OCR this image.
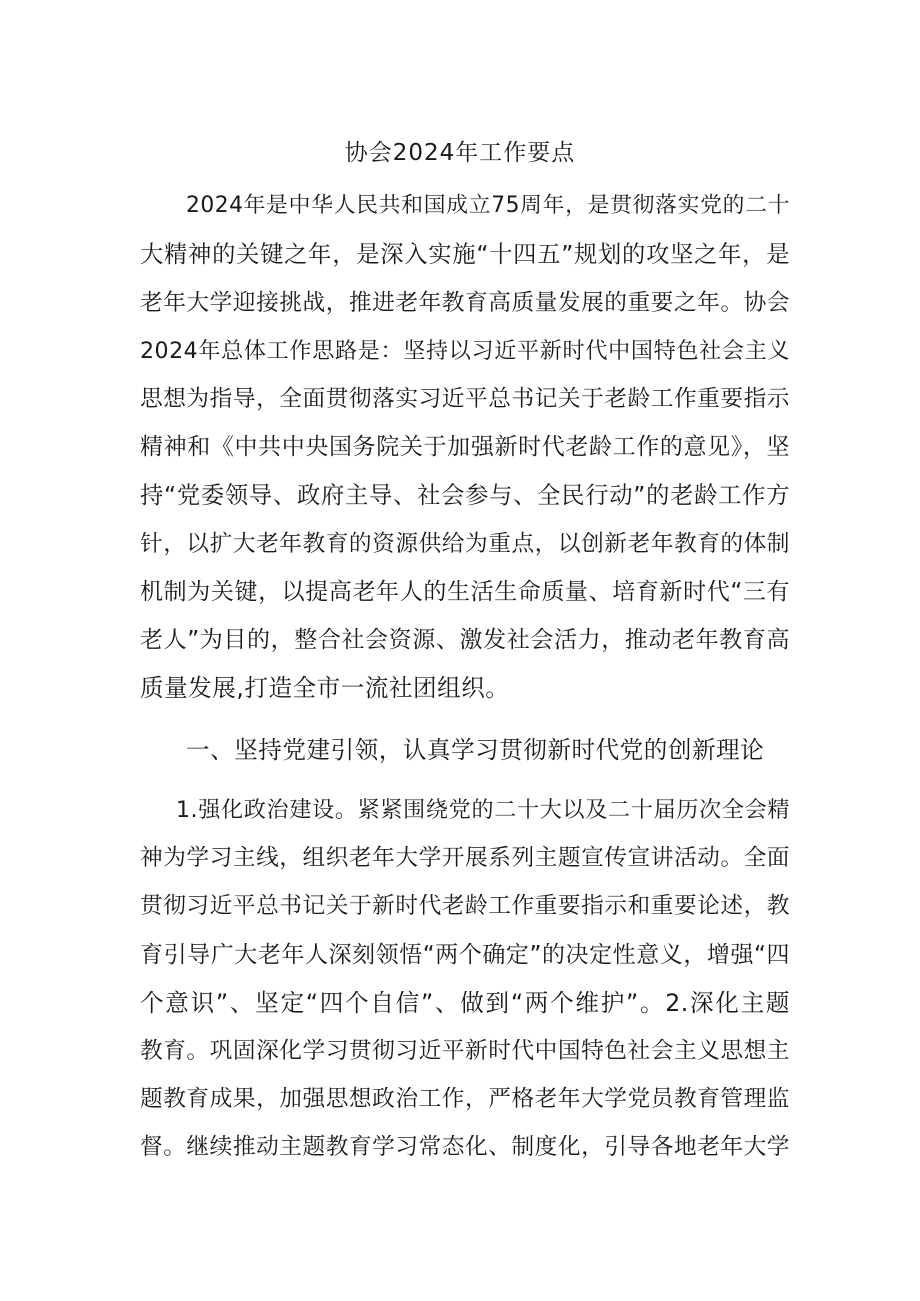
协会2024年工作要点
2024年是中华人民共和国成立75周年，是贯彻落实党的二十
大精神的关键之年，是深入实施“十四五”规划的攻坚之年，是
老年大学迎接挑战，推进老年教育高质量发展的重要之年。协会
2024年总体工作思路是：坚持以习近平新时代中国特色社会主义
思想为指导，全面贯彻落实习近平总书记关于老龄工作重要指示
精神和《中共中央国务院关于加强新时代老龄工作的意见》，坚
持“党委领导、政府主导、社会参与、全民行动”的老龄工作方
针，以扩大老年教育的资源供给为重点，以创新老年教育的体制
机制为关键，以提高老年人的生活生命质量、培育新时代“三有
老人”为目的，整合社会资源、激发社会活力，推动老年教育高
质量发展,打造全市一流社团组织。
一、坚持党建引领，认真学习贯彻新时代党的创新理论
1.强化政治建设。紧紧围绕党的二十大以及二十届历次全会精
神为学习主线，组织老年大学开展系列主题宣传宣讲活动。全面
贯彻习近平总书记关于新时代老龄工作重要指示和重要论述，教
育引导广大老年人深刻领悟“两个确定”的决定性意义，增强“四
个意识”、坚定“四个自信”、做到“两个维护”。2.深化主题
教育。巩固深化学习贯彻习近平新时代中国特色社会主义思想主
题教育成果，加强思想政治工作，严格老年大学党员教育管理监
督。继续推动主题教育学习常态化、制度化，引导各地老年大学
